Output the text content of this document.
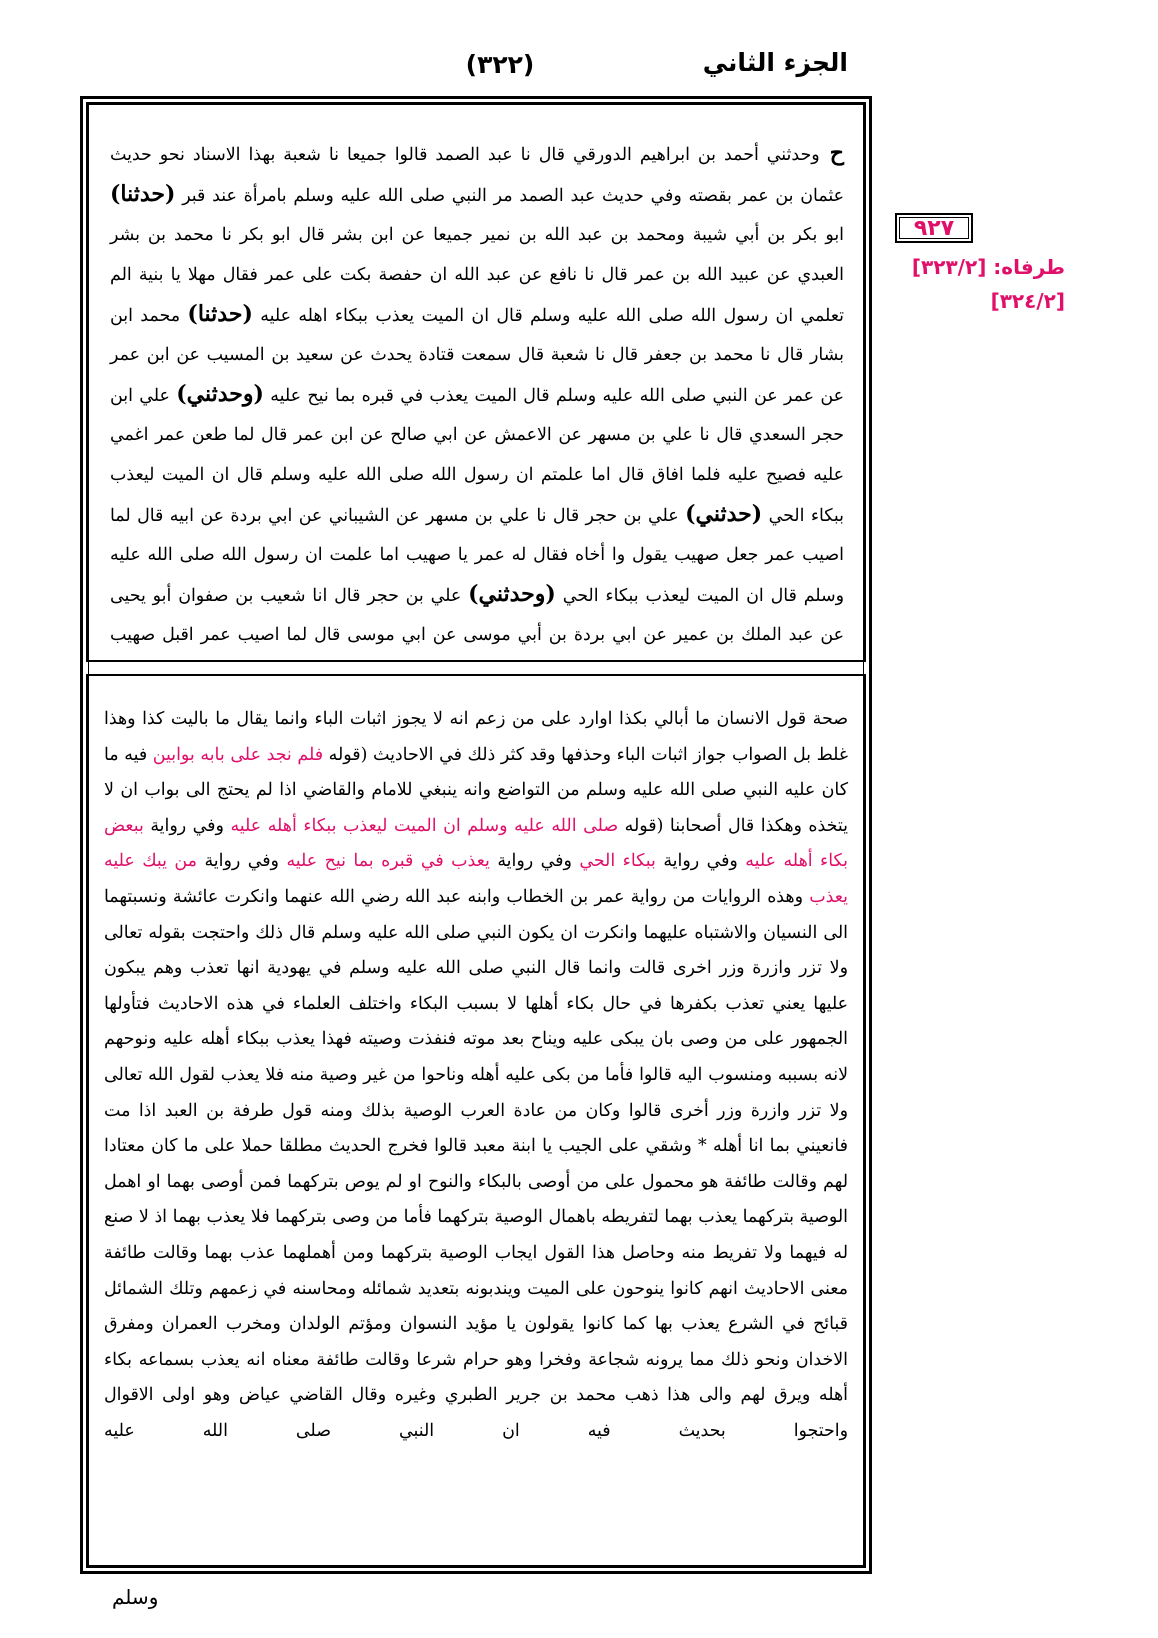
الجزء الثاني
(٣٢٢)
٩٢٧
طرفاه: [٣٢٣/٢]
[٣٢٤/٢]

ح وحدثني أحمد بن ابراهيم الدورقي قال نا عبد الصمد قالوا جميعا نا شعبة بهذا الاسناد نحو حديث عثمان بن عمر بقصته وفي حديث عبد الصمد مر النبي صلى الله عليه وسلم بامرأة عند قبر (حدثنا) ابو بكر بن أبي شيبة ومحمد بن عبد الله بن نمير جميعا عن ابن بشر قال ابو بكر نا محمد بن بشر العبدي عن عبيد الله بن عمر قال نا نافع عن عبد الله ان حفصة بكت على عمر فقال مهلا يا بنية الم تعلمي ان رسول الله صلى الله عليه وسلم قال ان الميت يعذب ببكاء اهله عليه (حدثنا) محمد ابن بشار قال نا محمد بن جعفر قال نا شعبة قال سمعت قتادة يحدث عن سعيد بن المسيب عن ابن عمر عن عمر عن النبي صلى الله عليه وسلم قال الميت يعذب في قبره بما نيح عليه (وحدثني) علي ابن حجر السعدي قال نا علي بن مسهر عن الاعمش عن ابي صالح عن ابن عمر قال لما طعن عمر اغمي عليه فصيح عليه فلما افاق قال اما علمتم ان رسول الله صلى الله عليه وسلم قال ان الميت ليعذب ببكاء الحي (حدثني) علي بن حجر قال نا علي بن مسهر عن الشيباني عن ابي بردة عن ابيه قال لما اصيب عمر جعل صهيب يقول وا أخاه فقال له عمر يا صهيب اما علمت ان رسول الله صلى الله عليه وسلم قال ان الميت ليعذب ببكاء الحي (وحدثني) علي بن حجر قال انا شعيب بن صفوان أبو يحيى عن عبد الملك بن عمير عن ابي بردة بن أبي موسى عن ابي موسى قال لما اصيب عمر اقبل صهيب

صحة قول الانسان ما أبالي بكذا اوارد على من زعم انه لا يجوز اثبات الباء وانما يقال ما باليت كذا وهذا غلط بل الصواب جواز اثبات الباء وحذفها وقد كثر ذلك في الاحاديث (قوله فلم نجد على بابه بوابين فيه ما كان عليه النبي صلى الله عليه وسلم من التواضع وانه ينبغي للامام والقاضي اذا لم يحتج الى بواب ان لا يتخذه وهكذا قال أصحابنا (قوله صلى الله عليه وسلم ان الميت ليعذب ببكاء أهله عليه وفي رواية ببعض بكاء أهله عليه وفي رواية ببكاء الحي وفي رواية يعذب في قبره بما نيح عليه وفي رواية من يبك عليه يعذب وهذه الروايات من رواية عمر بن الخطاب وابنه عبد الله رضي الله عنهما وانكرت عائشة ونسبتهما الى النسيان والاشتباه عليهما وانكرت ان يكون النبي صلى الله عليه وسلم قال ذلك واحتجت بقوله تعالى ولا تزر وازرة وزر اخرى قالت وانما قال النبي صلى الله عليه وسلم في يهودية انها تعذب وهم يبكون عليها يعني تعذب بكفرها في حال بكاء أهلها لا بسبب البكاء واختلف العلماء في هذه الاحاديث فتأولها الجمهور على من وصى بان يبكى عليه ويناح بعد موته فنفذت وصيته فهذا يعذب ببكاء أهله عليه ونوحهم لانه بسببه ومنسوب اليه قالوا فأما من بكى عليه أهله وناحوا من غير وصية منه فلا يعذب لقول الله تعالى ولا تزر وازرة وزر أخرى قالوا وكان من عادة العرب الوصية بذلك ومنه قول طرفة بن العبد اذا مت فانعيني بما انا أهله * وشقي على الجيب يا ابنة معبد قالوا فخرج الحديث مطلقا حملا على ما كان معتادا لهم وقالت طائفة هو محمول على من أوصى بالبكاء والنوح او لم يوص بتركهما فمن أوصى بهما او اهمل الوصية بتركهما يعذب بهما لتفريطه باهمال الوصية بتركهما فأما من وصى بتركهما فلا يعذب بهما اذ لا صنع له فيهما ولا تفريط منه وحاصل هذا القول ايجاب الوصية بتركهما ومن أهملهما عذب بهما وقالت طائفة معنى الاحاديث انهم كانوا ينوحون على الميت ويندبونه بتعديد شمائله ومحاسنه في زعمهم وتلك الشمائل قبائح في الشرع يعذب بها كما كانوا يقولون يا مؤيد النسوان ومؤتم الولدان ومخرب العمران ومفرق الاخدان ونحو ذلك مما يرونه شجاعة وفخرا وهو حرام شرعا وقالت طائفة معناه انه يعذب بسماعه بكاء أهله ويرق لهم والى هذا ذهب محمد بن جرير الطبري وغيره وقال القاضي عياض وهو اولى الاقوال واحتجوا بحديث فيه ان النبي صلى الله عليه

وسلم
